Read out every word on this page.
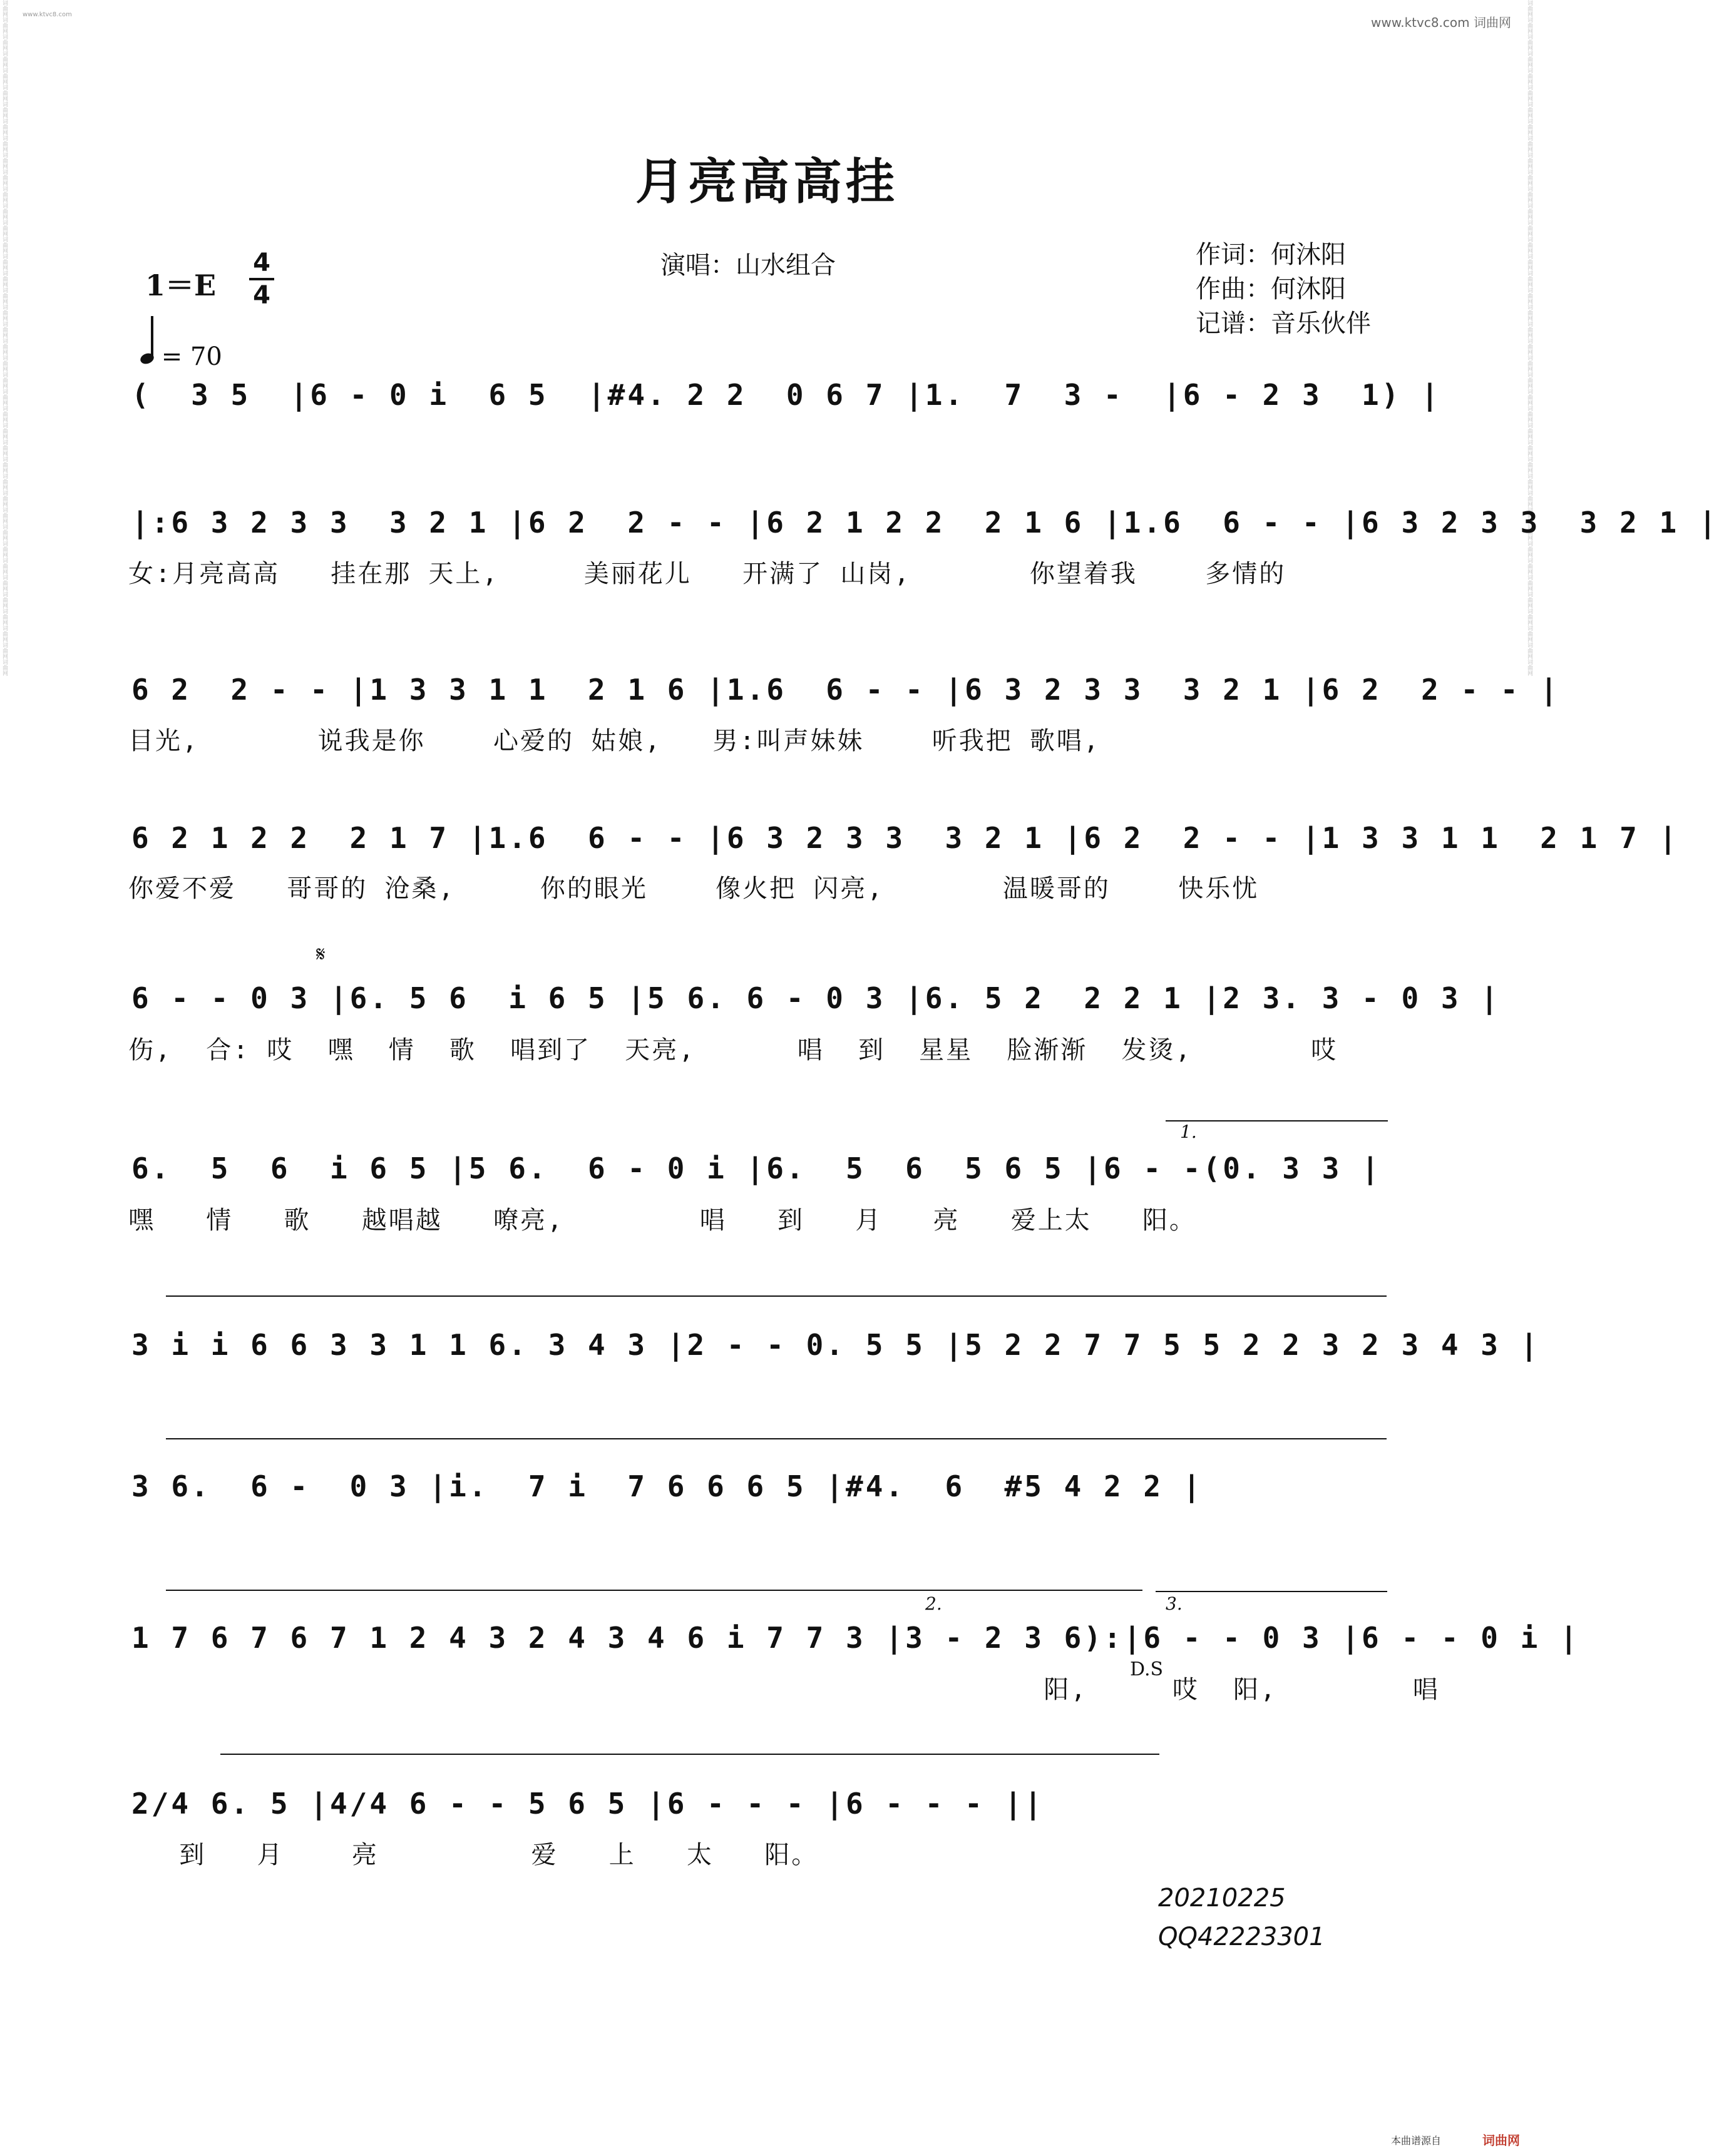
词曲网词曲网词曲网词曲网词曲网词曲网词曲网词曲网词曲网词曲网词曲网词曲网词曲网词曲网词曲网词曲网词曲网词曲网词曲网词曲网词曲网词曲网词曲网词曲网词曲网词曲网词曲网词曲网词曲网词曲网词曲网词曲网词曲网词曲网词曲网词曲网词曲网词曲网词曲网词曲网	词曲网词曲网词曲网词曲网词曲网词曲网词曲网词曲网词曲网词曲网词曲网词曲网词曲网词曲网词曲网词曲网词曲网词曲网词曲网词曲网词曲网词曲网词曲网词曲网词曲网词曲网词曲网词曲网词曲网词曲网词曲网词曲网词曲网词曲网词曲网词曲网词曲网词曲网词曲网词曲网
www.ktvc8.com
www.ktvc8.com 词曲网
月亮高高挂
1＝E
4
4
= 70
演唱：山水组合	作词：何沐阳
作曲：何沐阳
记谱：音乐伙伴
(  3 5  |6 - 0 i  6 5  |#4. 2 2  0 6 7 |1.  7  3 -  |6 - 2 3  1) |
|:6 3 2 3 3  3 2 1 |6 2  2 - - |6 2 1 2 2  2 1 6 |1.6  6 - - |6 3 2 3 3  3 2 1 |
女:月亮高高   挂在那 天上,     美丽花儿   开满了 山岗,       你望着我    多情的
6 2  2 - - |1 3 3 1 1  2 1 6 |1.6  6 - - |6 3 2 3 3  3 2 1 |6 2  2 - - |
目光,       说我是你    心爱的 姑娘,   男:叫声妹妹    听我把 歌唱,
6 2 1 2 2  2 1 7 |1.6  6 - - |6 3 2 3 3  3 2 1 |6 2  2 - - |1 3 3 1 1  2 1 7 |
你爱不爱   哥哥的 沧桑,     你的眼光    像火把 闪亮,       温暖哥的    快乐忧
𝄋
6 - - 0 3 |6. 5 6  i 6 5 |5 6. 6 - 0 3 |6. 5 2  2 2 1 |2 3. 3 - 0 3 |
伤,  合: 哎  嘿  情  歌  唱到了  天亮,      唱  到  星星  脸渐渐  发烫,       哎
1.
6.  5  6  i 6 5 |5 6.  6 - 0 i |6.  5  6  5 6 5 |6 - -(0. 3 3 |
嘿   情   歌   越唱越   嘹亮,        唱   到   月   亮   爱上太   阳。
3 i i 6 6 3 3 1 1 6. 3 4 3 |2 - - 0. 5 5 |5 2 2 7 7 5 5 2 2 3 2 3 4 3 |
3 6.  6 -  0 3 |i.  7 i  7 6 6 6 5 |#4.  6  #5 4 2 2 |
2.	3.
1 7 6 7 6 7 1 2 4 3 2 4 3 4 6 i 7 7 3 |3 - 2 3 6):|6 - - 0 3 |6 - - 0 i |
阳,     哎  阳,        唱
D.S
2/4 6. 5 |4/4 6 - - 5 6 5 |6 - - - |6 - - - ||
到   月    亮         爱   上   太   阳。
20210225
QQ42223301
本曲谱源自	词曲网
